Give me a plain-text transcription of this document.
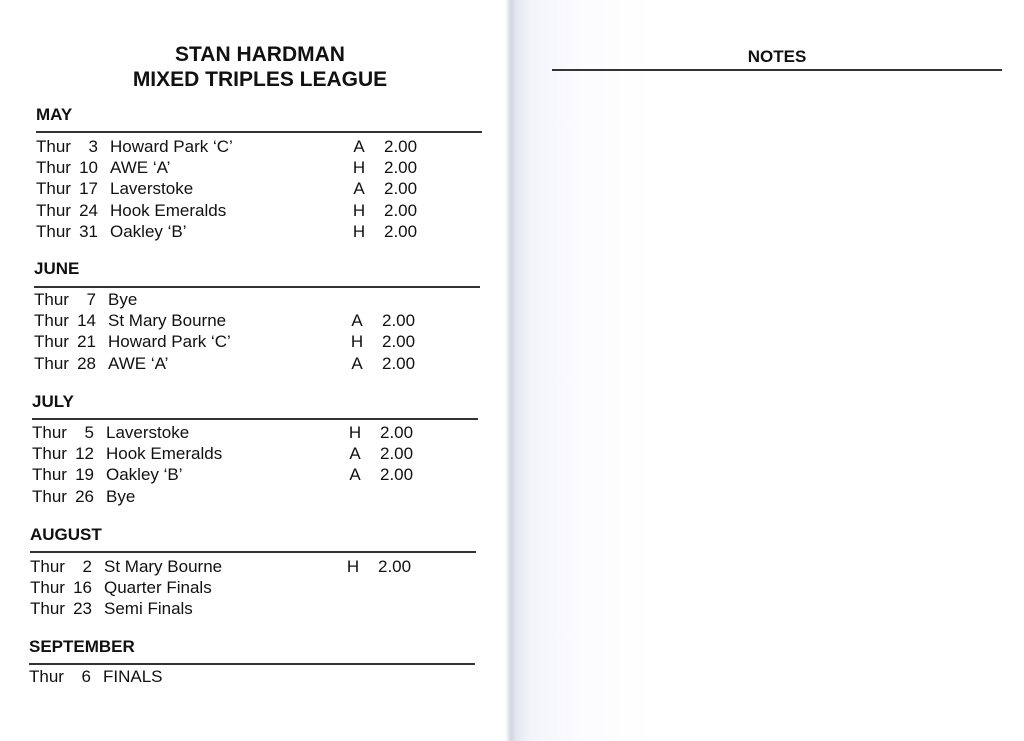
STAN HARDMAN
MIXED TRIPLES LEAGUE
MAY
Thur	3 Howard Park ‘C’	A 2.00
Thur 10 AWE ‘A’	H 2.00
Thur 17 Laverstoke	A 2.00
Thur 24 Hook Emeralds	H 2.00
Thur 31 Oakley ‘B’	H 2.00
JUNE
Thur	7 Bye
Thur 14 St Mary Bourne	A 2.00
Thur 21 Howard Park ‘C’	H 2.00
Thur 28 AWE ‘A’	A 2.00
JULY
Thur	5 Laverstoke	H 2.00
Thur 12 Hook Emeralds	A 2.00
Thur 19 Oakley ‘B’	A 2.00
Thur 26 Bye
AUGUST
Thur	2 St Mary Bourne	H 2.00
Thur 16 Quarter Finals
Thur 23 Semi Finals
SEPTEMBER
Thur	6 FINALS
NOTES
